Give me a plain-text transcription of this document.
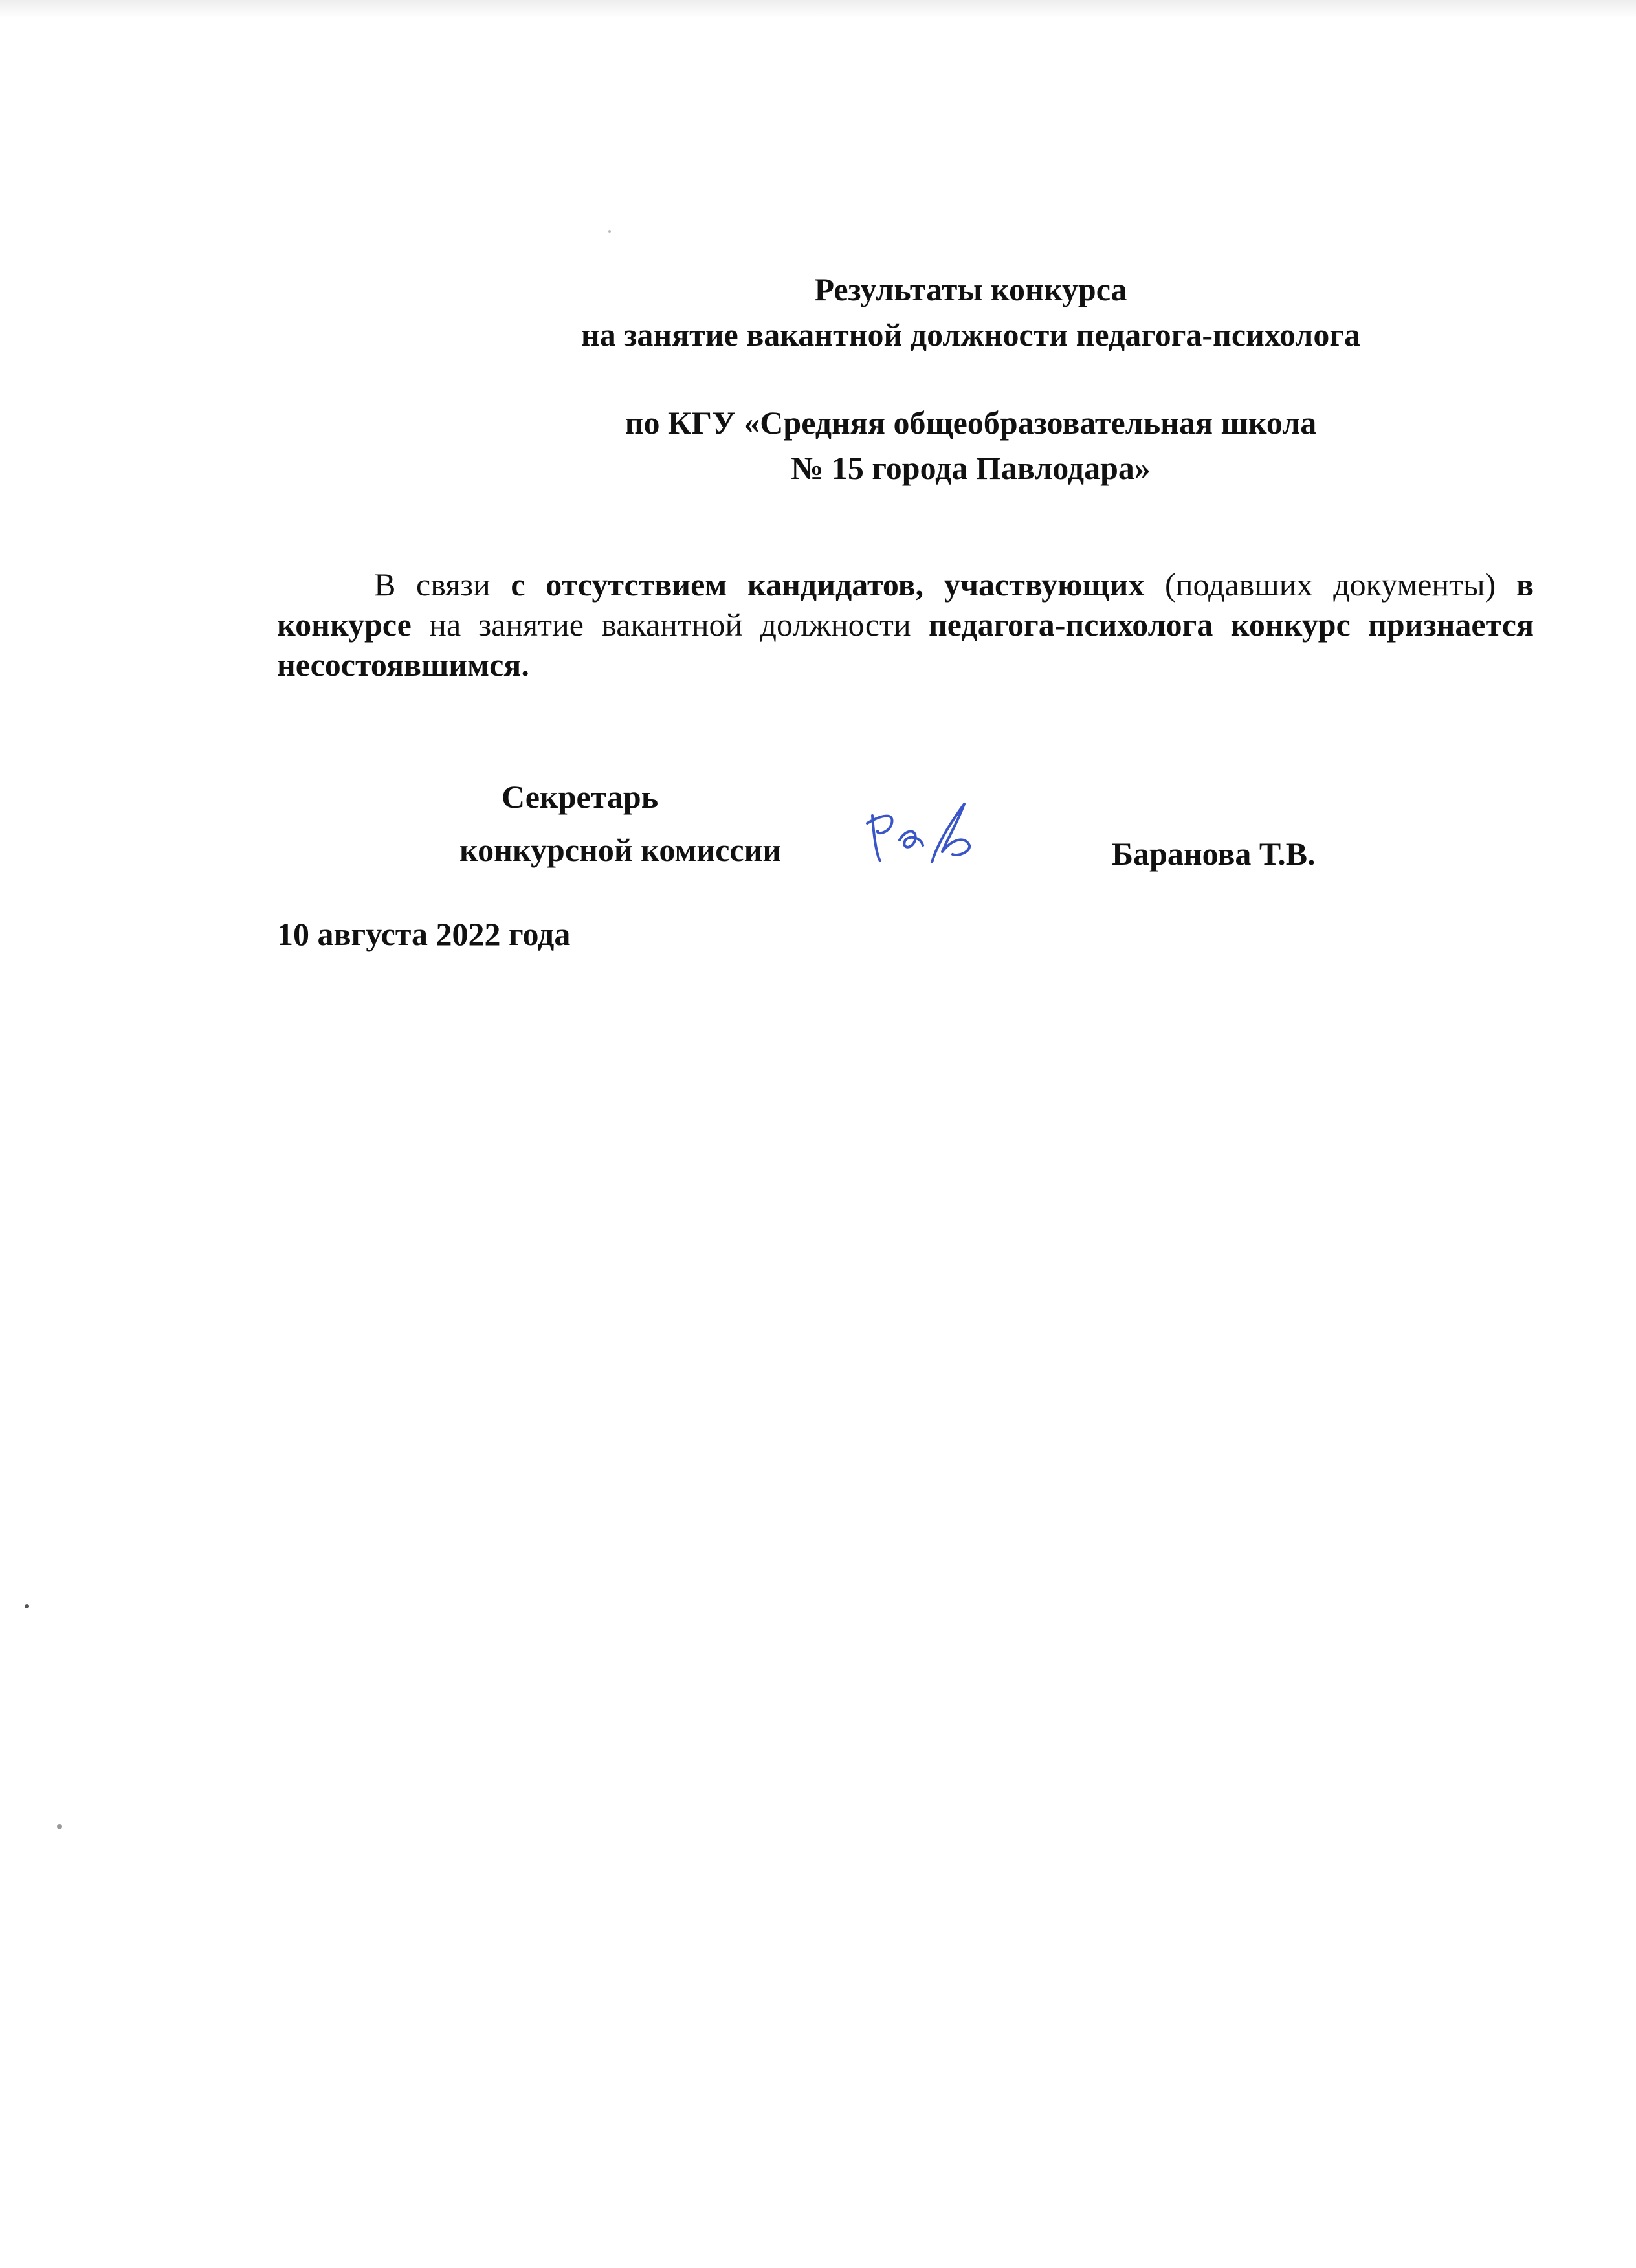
Результаты конкурса
на занятие вакантной должности педагога-психолога
по КГУ «Средняя общеобразовательная школа
№ 15 города Павлодара»
В связи с отсутствием кандидатов, участвующих (подавших документы) в конкурсе на занятие вакантной должности педагога-психолога конкурс признается несостоявшимся.
Секретарь
конкурсной комиссии	Баранова Т.В.
10 августа 2022 года
